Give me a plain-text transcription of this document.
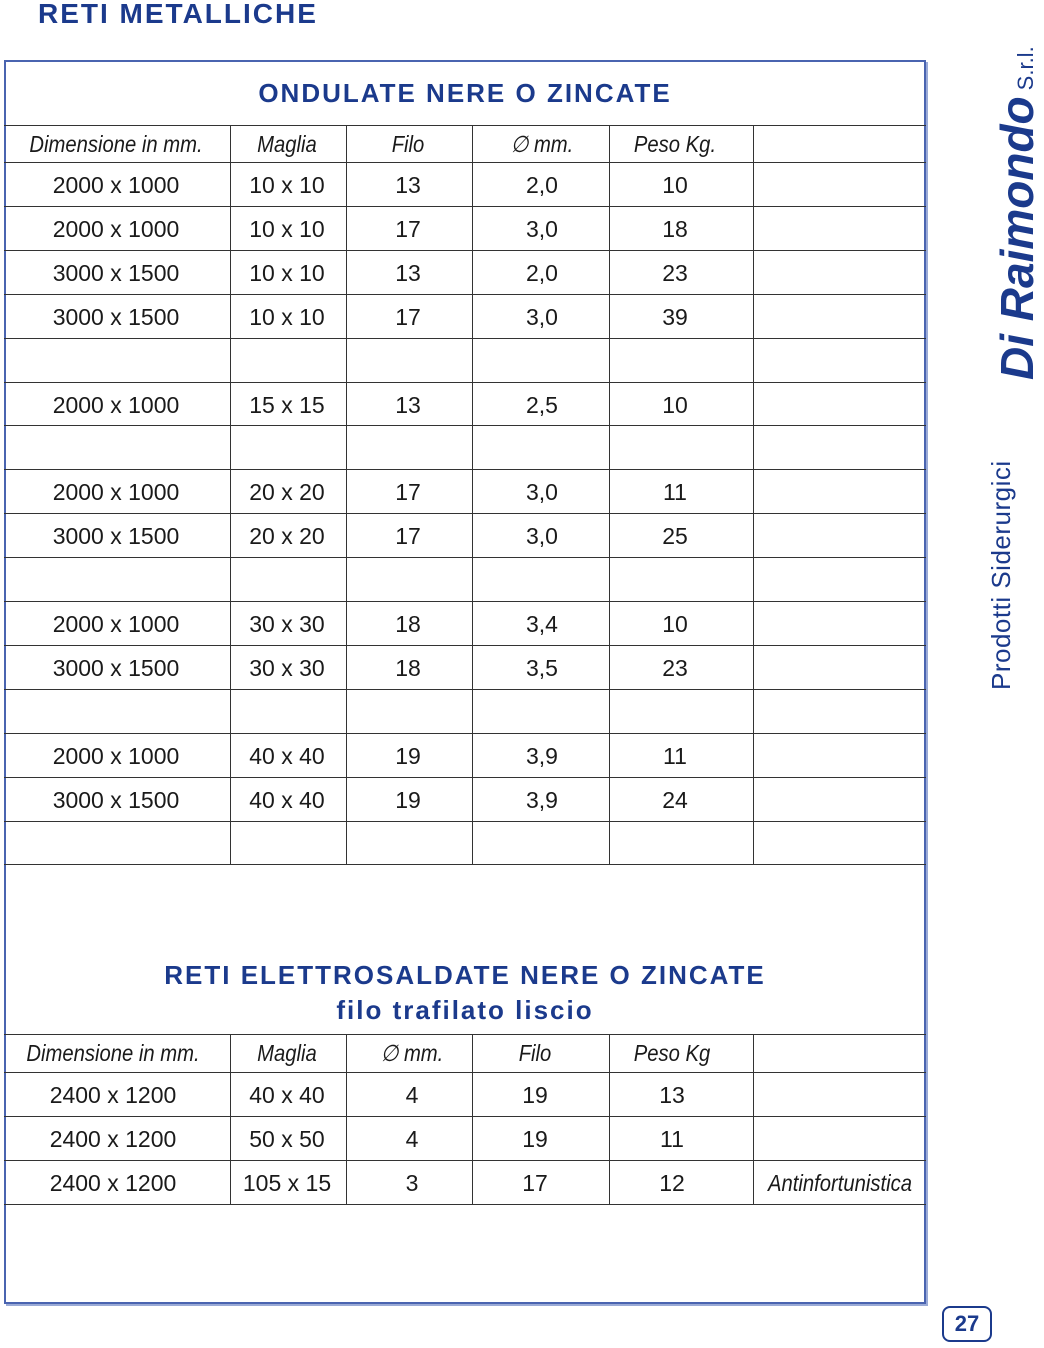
RETI METALLICHE
ONDULATE NERE O ZINCATE
Dimensione in mm.	Maglia	Filo	∅ mm.	Peso Kg.
2000 x 1000	10 x 10	13	2,0	10
2000 x 1000	10 x 10	17	3,0	18
3000 x 1500	10 x 10	13	2,0	23
3000 x 1500	10 x 10	17	3,0	39
2000 x 1000	15 x 15	13	2,5	10
2000 x 1000	20 x 20	17	3,0	11
3000 x 1500	20 x 20	17	3,0	25
2000 x 1000	30 x 30	18	3,4	10
3000 x 1500	30 x 30	18	3,5	23
2000 x 1000	40 x 40	19	3,9	11
3000 x 1500	40 x 40	19	3,9	24
RETI ELETTROSALDATE NERE O ZINCATE
filo trafilato liscio
Dimensione in mm.	Maglia	∅ mm.	Filo	Peso Kg
2400 x 1200	40 x 40	4	19	13
2400 x 1200	50 x 50	4	19	11
2400 x 1200	105 x 15	3	17	12	Antinfortunistica
Di RaimondoS.r.l.
Prodotti Siderurgici
27
